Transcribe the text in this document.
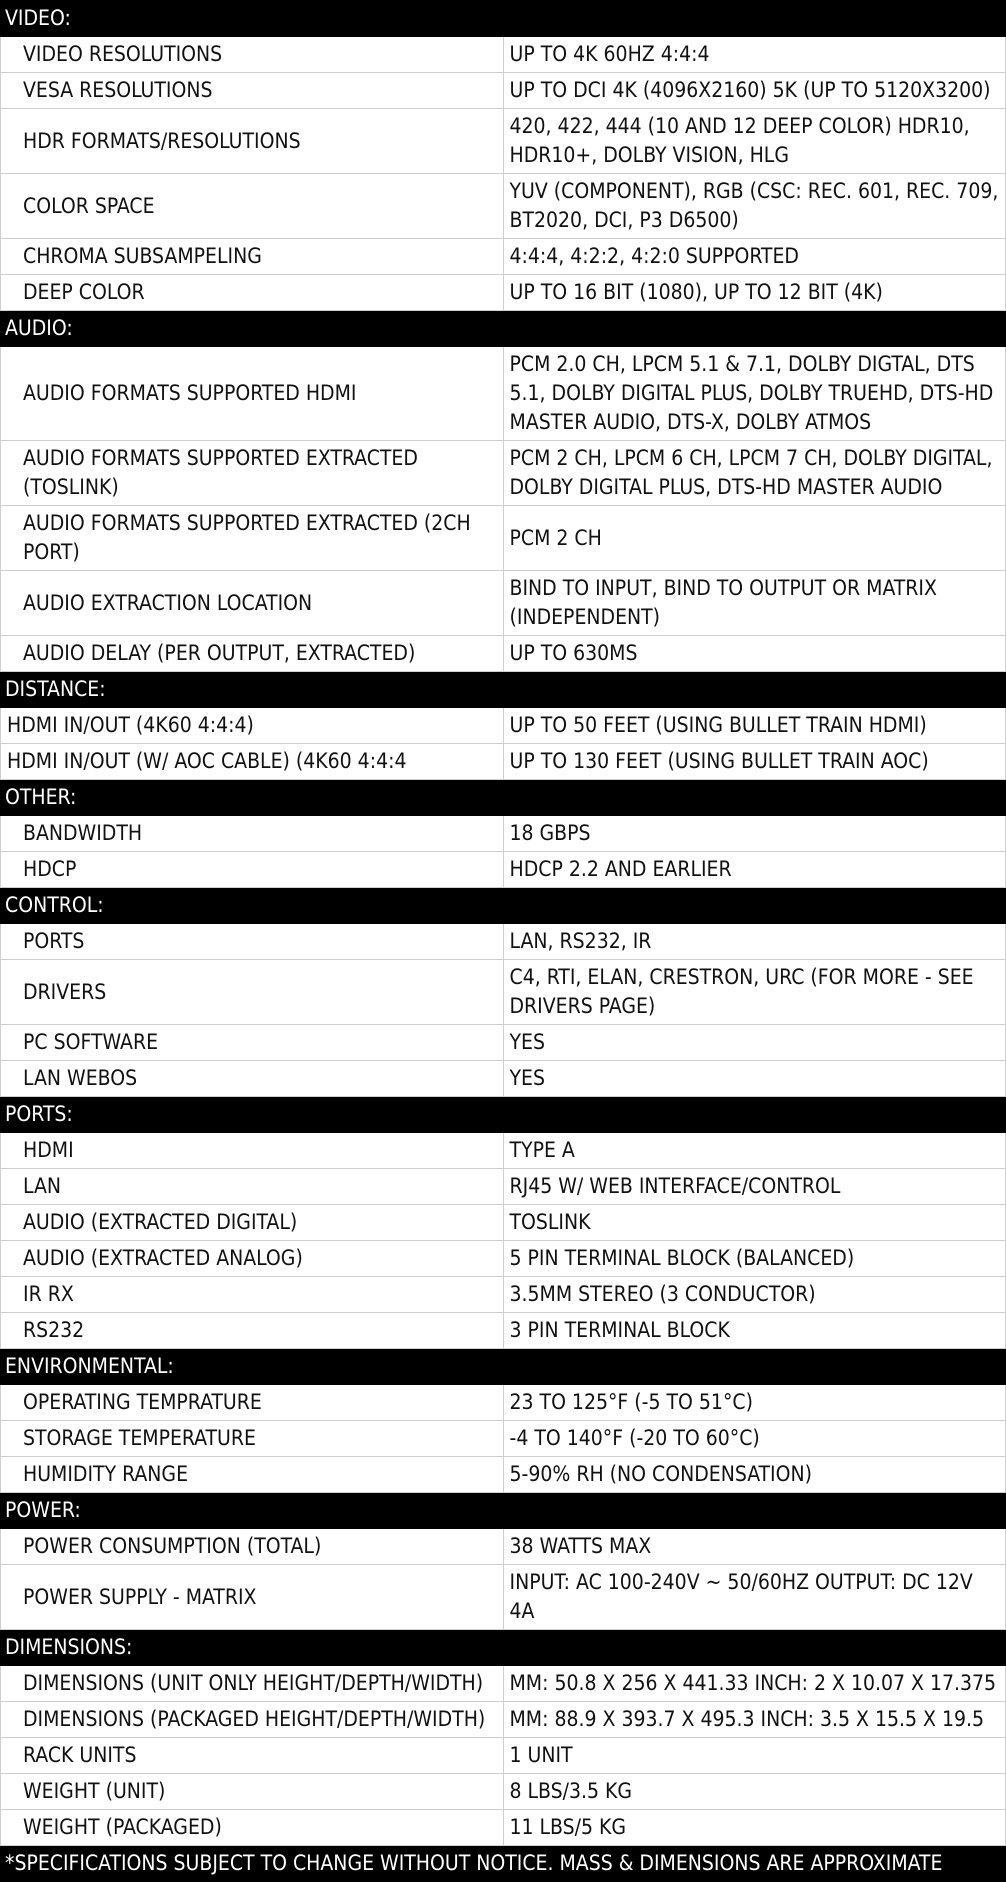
VIDEO:	
VIDEO RESOLUTIONS	UP TO 4K 60HZ 4:4:4
VESA RESOLUTIONS	UP TO DCI 4K (4096X2160) 5K (UP TO 5120X3200)
HDR FORMATS/RESOLUTIONS	420, 422, 444 (10 AND 12 DEEP COLOR) HDR10, HDR10+, DOLBY VISION, HLG
COLOR SPACE	YUV (COMPONENT), RGB (CSC: REC. 601, REC. 709, BT2020, DCI, P3 D6500)
CHROMA SUBSAMPELING	4:4:4, 4:2:2, 4:2:0 SUPPORTED
DEEP COLOR	UP TO 16 BIT (1080), UP TO 12 BIT (4K)
AUDIO:	
AUDIO FORMATS SUPPORTED HDMI	PCM 2.0 CH, LPCM 5.1 & 7.1, DOLBY DIGTAL, DTS 5.1, DOLBY DIGITAL PLUS, DOLBY TRUEHD, DTS-HD MASTER AUDIO, DTS-X, DOLBY ATMOS
AUDIO FORMATS SUPPORTED EXTRACTED (TOSLINK)	PCM 2 CH, LPCM 6 CH, LPCM 7 CH, DOLBY DIGITAL, DOLBY DIGITAL PLUS, DTS-HD MASTER AUDIO
AUDIO FORMATS SUPPORTED EXTRACTED (2CH PORT)	PCM 2 CH
AUDIO EXTRACTION LOCATION	BIND TO INPUT, BIND TO OUTPUT OR MATRIX (INDEPENDENT)
AUDIO DELAY (PER OUTPUT, EXTRACTED)	UP TO 630MS
DISTANCE:	
HDMI IN/OUT (4K60 4:4:4)	UP TO 50 FEET (USING BULLET TRAIN HDMI)
HDMI IN/OUT (W/ AOC CABLE) (4K60 4:4:4	UP TO 130 FEET (USING BULLET TRAIN AOC)
OTHER:	
BANDWIDTH	18 GBPS
HDCP	HDCP 2.2 AND EARLIER
CONTROL:	
PORTS	LAN, RS232, IR
DRIVERS	C4, RTI, ELAN, CRESTRON, URC (FOR MORE - SEE DRIVERS PAGE)
PC SOFTWARE	YES
LAN WEBOS	YES
PORTS:	
HDMI	TYPE A
LAN	RJ45 W/ WEB INTERFACE/CONTROL
AUDIO (EXTRACTED DIGITAL)	TOSLINK
AUDIO (EXTRACTED ANALOG)	5 PIN TERMINAL BLOCK (BALANCED)
IR RX	3.5MM STEREO (3 CONDUCTOR)
RS232	3 PIN TERMINAL BLOCK
ENVIRONMENTAL:	
OPERATING TEMPRATURE	23 TO 125°F (-5 TO 51°C)
STORAGE TEMPERATURE	-4 TO 140°F (-20 TO 60°C)
HUMIDITY RANGE	5-90% RH (NO CONDENSATION)
POWER:	
POWER CONSUMPTION (TOTAL)	38 WATTS MAX
POWER SUPPLY - MATRIX	INPUT: AC 100-240V ~ 50/60HZ OUTPUT: DC 12V 4A
DIMENSIONS:	
DIMENSIONS (UNIT ONLY HEIGHT/DEPTH/WIDTH)	MM: 50.8 X 256 X 441.33 INCH: 2 X 10.07 X 17.375
DIMENSIONS (PACKAGED HEIGHT/DEPTH/WIDTH)	MM: 88.9 X 393.7 X 495.3 INCH: 3.5 X 15.5 X 19.5
RACK UNITS	1 UNIT
WEIGHT (UNIT)	8 LBS/3.5 KG
WEIGHT (PACKAGED)	11 LBS/5 KG
*SPECIFICATIONS SUBJECT TO CHANGE WITHOUT NOTICE. MASS & DIMENSIONS ARE APPROXIMATE	
